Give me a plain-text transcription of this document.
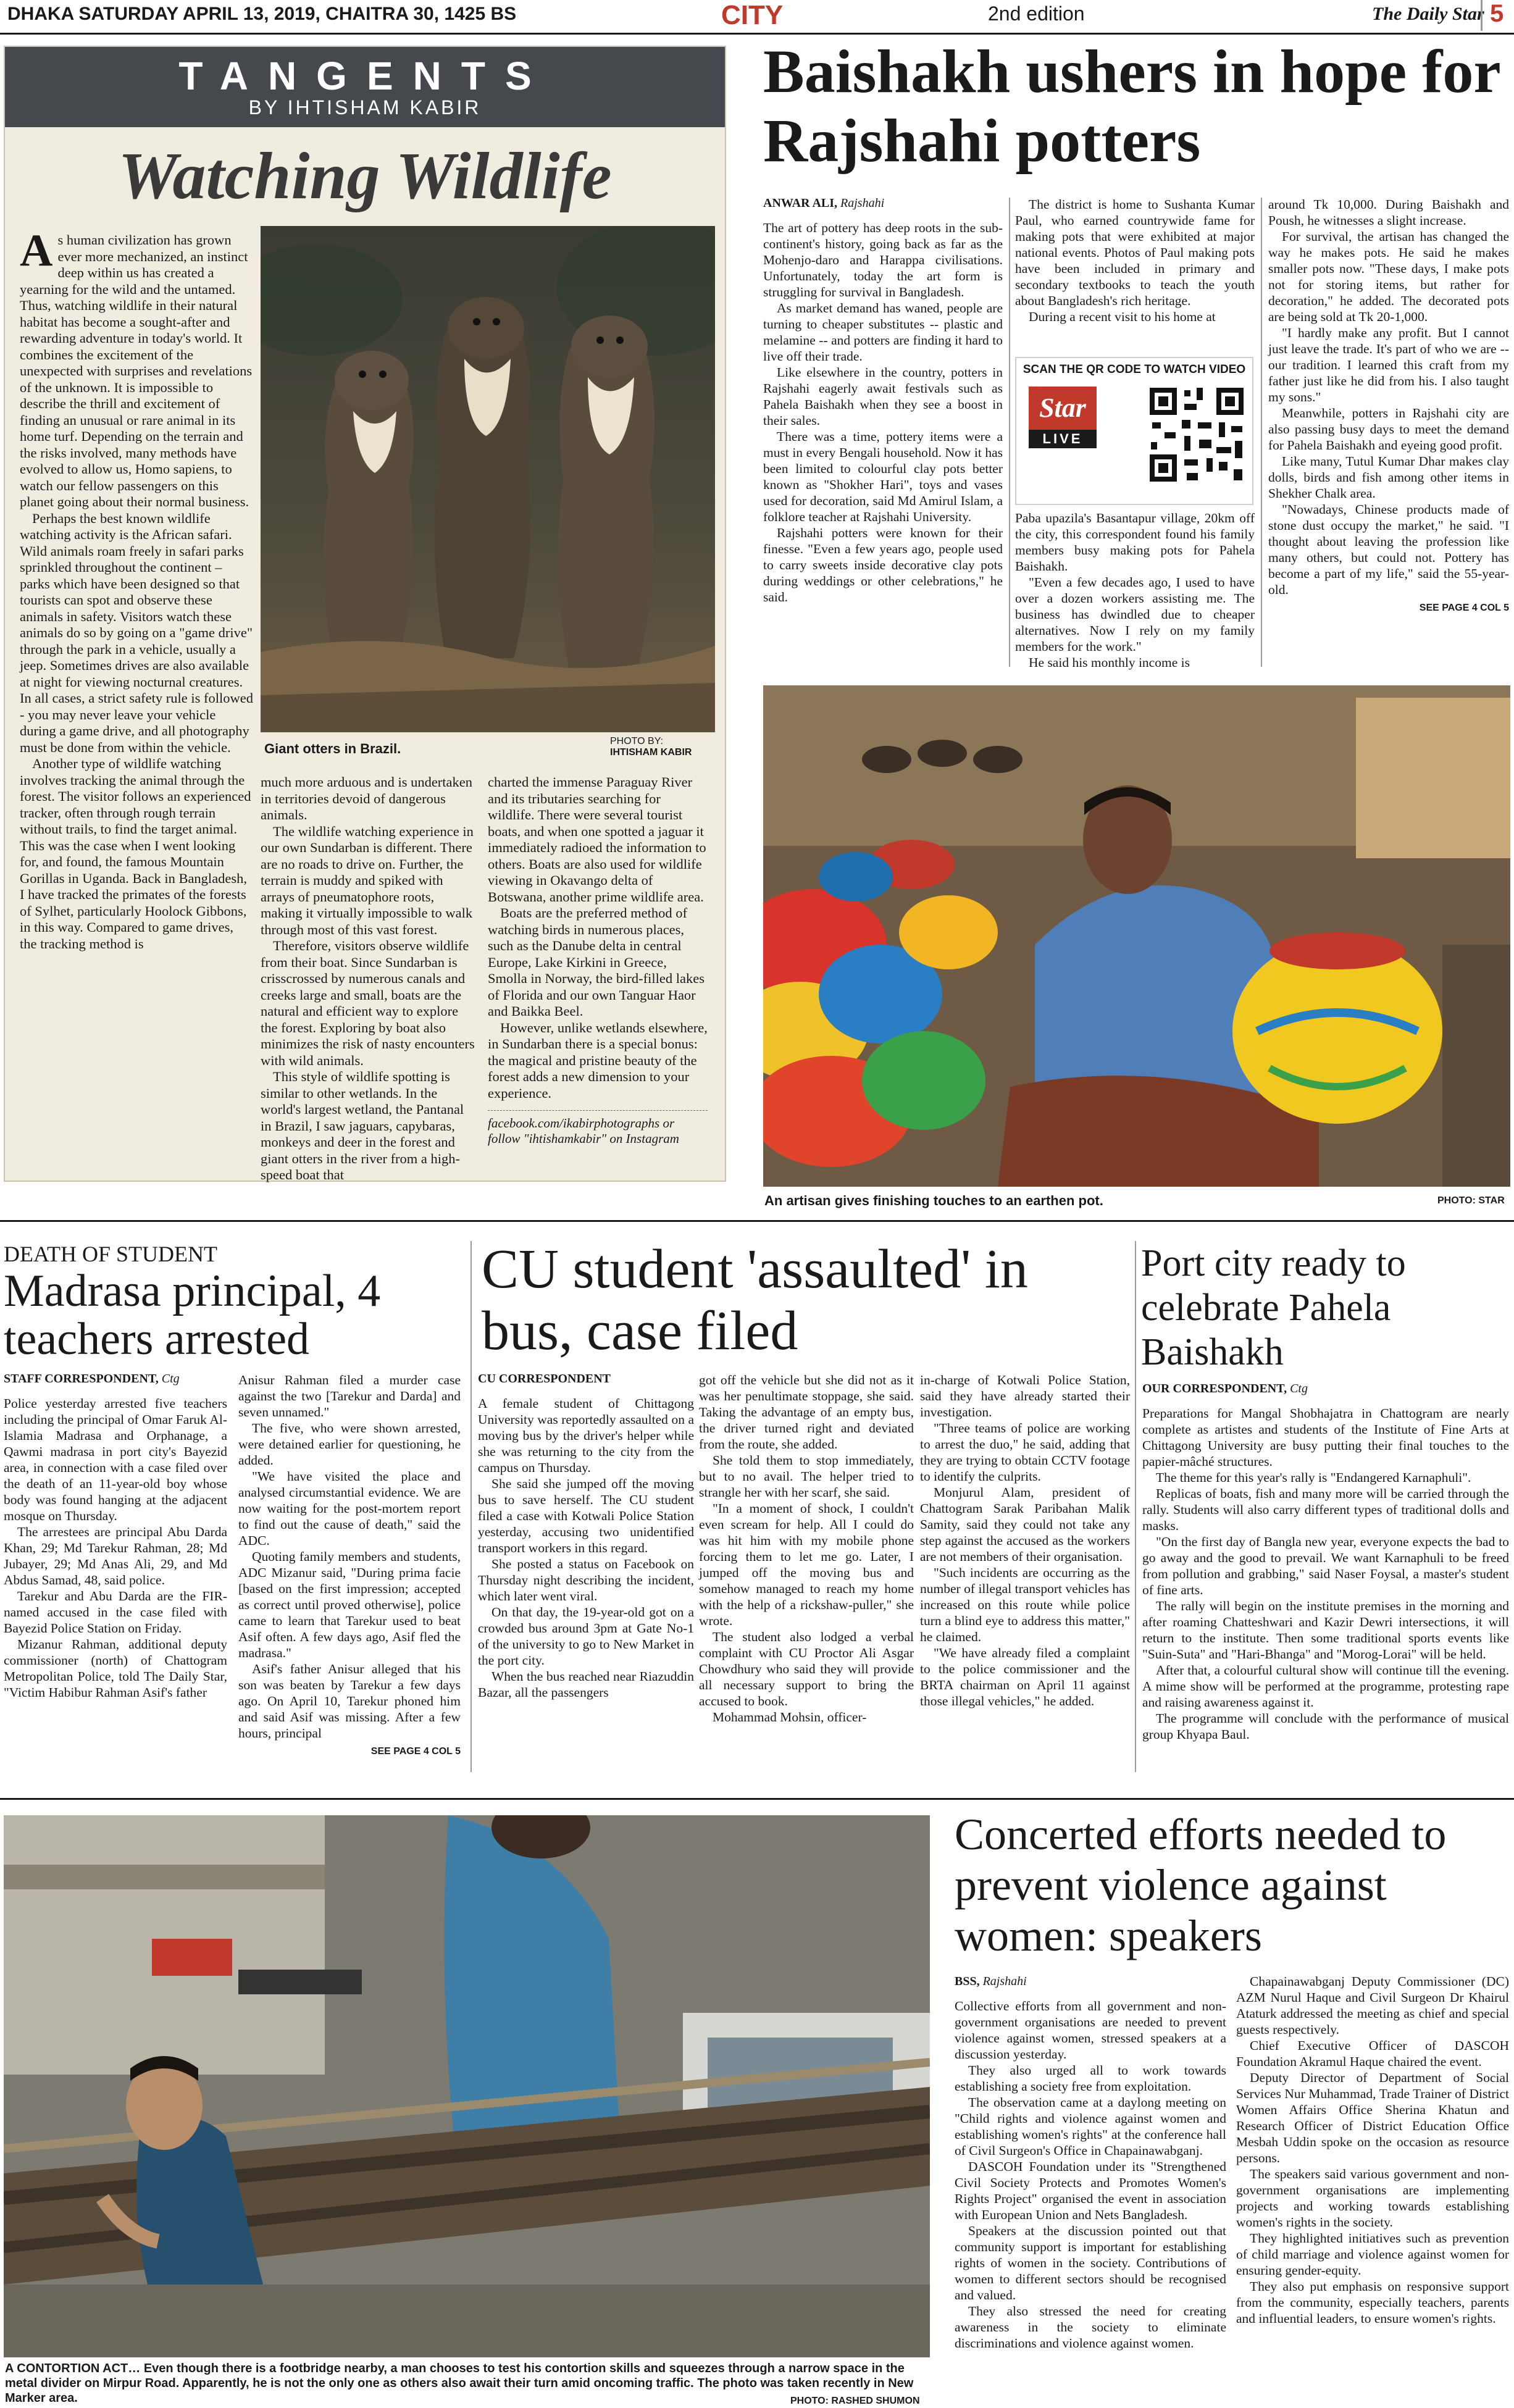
DHAKA SATURDAY APRIL 13, 2019, CHAITRA 30, 1425 BS	CITY	2nd edition	The Daily Star 5
TANGENTS
BY IHTISHAM KABIR
Watching Wildlife

As human civilization has grown ever more mechanized, an instinct deep within us has created a yearning for the wild and the untamed. Thus, watching wildlife in their natural habitat has become a sought-after and rewarding adventure in today's world. It combines the excitement of the unexpected with surprises and revelations of the unknown. It is impossible to describe the thrill and excitement of finding an unusual or rare animal in its home turf. Depending on the terrain and the risks involved, many methods have evolved to allow us, Homo sapiens, to watch our fellow passengers on this planet going about their normal business.

Perhaps the best known wildlife watching activity is the African safari. Wild animals roam freely in safari parks sprinkled throughout the continent – parks which have been designed so that tourists can spot and observe these animals in safety. Visitors watch these animals do so by going on a "game drive" through the park in a vehicle, usually a jeep. Sometimes drives are also available at night for viewing nocturnal creatures. In all cases, a strict safety rule is followed - you may never leave your vehicle during a game drive, and all photography must be done from within the vehicle.

Another type of wildlife watching involves tracking the animal through the forest. The visitor follows an experienced tracker, often through rough terrain without trails, to find the target animal. This was the case when I went looking for, and found, the famous Mountain Gorillas in Uganda. Back in Bangladesh, I have tracked the primates of the forests of Sylhet, particularly Hoolock Gibbons, in this way. Compared to game drives, the tracking method is

Giant otters in Brazil.	PHOTO BY:
IHTISHAM KABIR

much more arduous and is undertaken in territories devoid of dangerous animals.

The wildlife watching experience in our own Sundarban is different. There are no roads to drive on. Further, the terrain is muddy and spiked with arrays of pneumatophore roots, making it virtually impossible to walk through most of this vast forest.

Therefore, visitors observe wildlife from their boat. Since Sundarban is crisscrossed by numerous canals and creeks large and small, boats are the natural and efficient way to explore the forest. Exploring by boat also minimizes the risk of nasty encounters with wild animals.

This style of wildlife spotting is similar to other wetlands. In the world's largest wetland, the Pantanal in Brazil, I saw jaguars, capybaras, monkeys and deer in the forest and giant otters in the river from a high-speed boat that

charted the immense Paraguay River and its tributaries searching for wildlife. There were several tourist boats, and when one spotted a jaguar it immediately radioed the information to others. Boats are also used for wildlife viewing in Okavango delta of Botswana, another prime wildlife area.

Boats are the preferred method of watching birds in numerous places, such as the Danube delta in central Europe, Lake Kirkini in Greece, Smolla in Norway, the bird-filled lakes of Florida and our own Tanguar Haor and Baikka Beel.

However, unlike wetlands elsewhere, in Sundarban there is a special bonus: the magical and pristine beauty of the forest adds a new dimension to your experience.

facebook.com/ikabirphotographs or follow "ihtishamkabir" on Instagram
Baishakh ushers in hope for Rajshahi potters
ANWAR ALI, Rajshahi

The art of pottery has deep roots in the sub-continent's history, going back as far as the Mohenjo-daro and Harappa civilisations. Unfortunately, today the art form is struggling for survival in Bangladesh.

As market demand has waned, people are turning to cheaper substitutes -- plastic and melamine -- and potters are finding it hard to live off their trade.

Like elsewhere in the country, potters in Rajshahi eagerly await festivals such as Pahela Baishakh when they see a boost in their sales.

There was a time, pottery items were a must in every Bengali household. Now it has been limited to colourful clay pots better known as "Shokher Hari", toys and vases used for decoration, said Md Amirul Islam, a folklore teacher at Rajshahi University.

Rajshahi potters were known for their finesse. "Even a few years ago, people used to carry sweets inside decorative clay pots during weddings or other celebrations," he said.

The district is home to Sushanta Kumar Paul, who earned countrywide fame for making pots that were exhibited at major national events. Photos of Paul making pots have been included in primary and secondary textbooks to teach the youth about Bangladesh's rich heritage.

During a recent visit to his home at

SCAN THE QR CODE TO WATCH VIDEO
Star
LIVE

Paba upazila's Basantapur village, 20km off the city, this correspondent found his family members busy making pots for Pahela Baishakh.

"Even a few decades ago, I used to have over a dozen workers assisting me. The business has dwindled due to cheaper alternatives. Now I rely on my family members for the work."

He said his monthly income is

around Tk 10,000. During Baishakh and Poush, he witnesses a slight increase.

For survival, the artisan has changed the way he makes pots. He said he makes smaller pots now. "These days, I make pots not for storing items, but rather for decoration," he added. The decorated pots are being sold at Tk 20-1,000.

"I hardly make any profit. But I cannot just leave the trade. It's part of who we are -- our tradition. I learned this craft from my father just like he did from his. I also taught my sons."

Meanwhile, potters in Rajshahi city are also passing busy days to meet the demand for Pahela Baishakh and eyeing good profit.

Like many, Tutul Kumar Dhar makes clay dolls, birds and fish among other items in Shekher Chalk area.

"Nowadays, Chinese products made of stone dust occupy the market," he said. "I thought about leaving the profession like many others, but could not. Pottery has become a part of my life," said the 55-year-old.

SEE PAGE 4 COL 5
An artisan gives finishing touches to an earthen pot.	PHOTO: STAR
DEATH OF STUDENT
Madrasa principal, 4 teachers arrested
STAFF CORRESPONDENT, Ctg

Police yesterday arrested five teachers including the principal of Omar Faruk Al-Islamia Madrasa and Orphanage, a Qawmi madrasa in port city's Bayezid area, in connection with a case filed over the death of an 11-year-old boy whose body was found hanging at the adjacent mosque on Thursday.

The arrestees are principal Abu Darda Khan, 29; Md Tarekur Rahman, 28; Md Jubayer, 29; Md Anas Ali, 29, and Md Abdus Samad, 48, said police.

Tarekur and Abu Darda are the FIR-named accused in the case filed with Bayezid Police Station on Friday.

Mizanur Rahman, additional deputy commissioner (north) of Chattogram Metropolitan Police, told The Daily Star, "Victim Habibur Rahman Asif's father

Anisur Rahman filed a murder case against the two [Tarekur and Darda] and seven unnamed."

The five, who were shown arrested, were detained earlier for questioning, he added.

"We have visited the place and analysed circumstantial evidence. We are now waiting for the post-mortem report to find out the cause of death," said the ADC.

Quoting family members and students, ADC Mizanur said, "During prima facie [based on the first impression; accepted as correct until proved otherwise], police came to learn that Tarekur used to beat Asif often. A few days ago, Asif fled the madrasa."

Asif's father Anisur alleged that his son was beaten by Tarekur a few days ago. On April 10, Tarekur phoned him and said Asif was missing. After a few hours, principal

SEE PAGE 4 COL 5
CU student 'assaulted' in bus, case filed
CU CORRESPONDENT

A female student of Chittagong University was reportedly assaulted on a moving bus by the driver's helper while she was returning to the city from the campus on Thursday.

She said she jumped off the moving bus to save herself. The CU student filed a case with Kotwali Police Station yesterday, accusing two unidentified transport workers in this regard.

She posted a status on Facebook on Thursday night describing the incident, which later went viral.

On that day, the 19-year-old got on a crowded bus around 3pm at Gate No-1 of the university to go to New Market in the port city.

When the bus reached near Riazuddin Bazar, all the passengers

got off the vehicle but she did not as it was her penultimate stoppage, she said. Taking the advantage of an empty bus, the driver turned right and deviated from the route, she added.

She told them to stop immediately, but to no avail. The helper tried to strangle her with her scarf, she said.

"In a moment of shock, I couldn't even scream for help. All I could do was hit him with my mobile phone forcing them to let me go. Later, I jumped off the moving bus and somehow managed to reach my home with the help of a rickshaw-puller," she wrote.

The student also lodged a verbal complaint with CU Proctor Ali Asgar Chowdhury who said they will provide all necessary support to bring the accused to book.

Mohammad Mohsin, officer-

in-charge of Kotwali Police Station, said they have already started their investigation.

"Three teams of police are working to arrest the duo," he said, adding that they are trying to obtain CCTV footage to identify the culprits.

Monjurul Alam, president of Chattogram Sarak Paribahan Malik Samity, said they could not take any step against the accused as the workers are not members of their organisation.

"Such incidents are occurring as the number of illegal transport vehicles has increased on this route while police turn a blind eye to address this matter," he claimed.

"We have already filed a complaint to the police commissioner and the BRTA chairman on April 11 against those illegal vehicles," he added.

Port city ready to celebrate Pahela Baishakh
OUR CORRESPONDENT, Ctg

Preparations for Mangal Shobhajatra in Chattogram are nearly complete as artistes and students of the Institute of Fine Arts at Chittagong University are busy putting their final touches to the papier-mâché structures.

The theme for this year's rally is "Endangered Karnaphuli".

Replicas of boats, fish and many more will be carried through the rally. Students will also carry different types of traditional dolls and masks.

"On the first day of Bangla new year, everyone expects the bad to go away and the good to prevail. We want Karnaphuli to be freed from pollution and grabbing," said Naser Foysal, a master's student of fine arts.

The rally will begin on the institute premises in the morning and after roaming Chatteshwari and Kazir Dewri intersections, it will return to the institute. Then some traditional sports events like "Suin-Suta" and "Hari-Bhanga" and "Morog-Lorai" will be held.

After that, a colourful cultural show will continue till the evening. A mime show will be performed at the programme, protesting rape and raising awareness against it.

The programme will conclude with the performance of musical group Khyapa Baul.

A CONTORTION ACT… Even though there is a footbridge nearby, a man chooses to test his contortion skills and squeezes through a narrow space in the metal divider on Mirpur Road. Apparently, he is not the only one as others also await their turn amid oncoming traffic. The photo was taken recently in New Marker area.	PHOTO: RASHED SHUMON
Concerted efforts needed to prevent violence against women: speakers
BSS, Rajshahi

Collective efforts from all government and non-government organisations are needed to prevent violence against women, stressed speakers at a discussion yesterday.

They also urged all to work towards establishing a society free from exploitation.

The observation came at a daylong meeting on "Child rights and violence against women and establishing women's rights" at the conference hall of Civil Surgeon's Office in Chapainawabganj.

DASCOH Foundation under its "Strengthened Civil Society Protects and Promotes Women's Rights Project" organised the event in association with European Union and Nets Bangladesh.

Speakers at the discussion pointed out that community support is important for establishing rights of women in the society. Contributions of women to different sectors should be recognised and valued.

They also stressed the need for creating awareness in the society to eliminate discriminations and violence against women.

Chapainawabganj Deputy Commissioner (DC) AZM Nurul Haque and Civil Surgeon Dr Khairul Ataturk addressed the meeting as chief and special guests respectively.

Chief Executive Officer of DASCOH Foundation Akramul Haque chaired the event.

Deputy Director of Department of Social Services Nur Muhammad, Trade Trainer of District Women Affairs Office Sherina Khatun and Research Officer of District Education Office Mesbah Uddin spoke on the occasion as resource persons.

The speakers said various government and non-government organisations are implementing projects and working towards establishing women's rights in the society.

They highlighted initiatives such as prevention of child marriage and violence against women for ensuring gender-equity.

They also put emphasis on responsive support from the community, especially teachers, parents and influential leaders, to ensure women's rights.
